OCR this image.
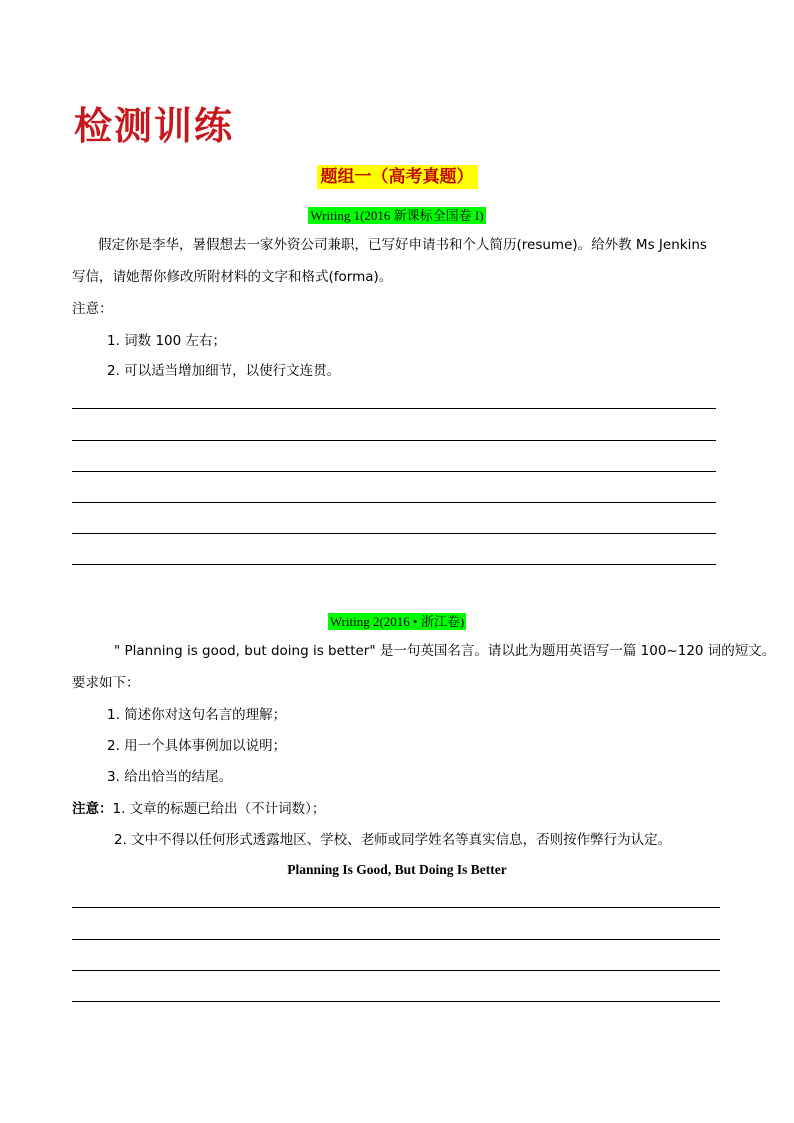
检测训练
题组一（高考真题）
Writing 1(2016 新课标全国卷 I)
假定你是李华，暑假想去一家外资公司兼职，已写好申请书和个人简历(resume)。给外教 Ms Jenkins
写信，请她帮你修改所附材料的文字和格式(forma)。
注意：
1. 词数 100 左右；
2. 可以适当增加细节，以使行文连贯。
Writing 2(2016 • 浙江卷)
" Planning is good, but doing is better" 是一句英国名言。请以此为题用英语写一篇 100~120 词的短文。
要求如下：
1. 简述你对这句名言的理解；
2. 用一个具体事例加以说明；
3. 给出恰当的结尾。
注意：1. 文章的标题已给出（不计词数）；
2. 文中不得以任何形式透露地区、学校、老师或同学姓名等真实信息，否则按作弊行为认定。
Planning Is Good, But Doing Is Better
